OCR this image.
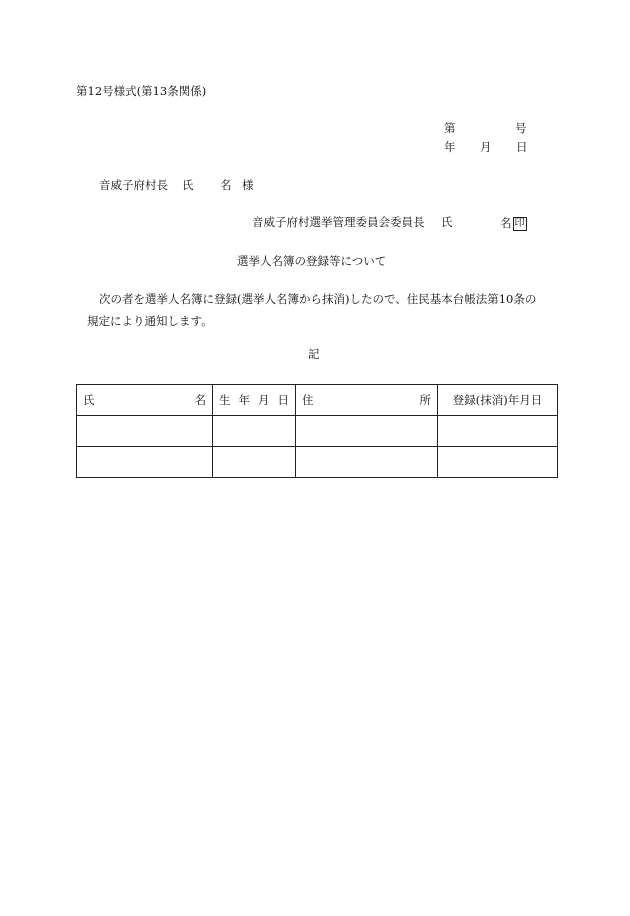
第12号様式(第13条関係)
第	号
年 月 日
音威子府村長 氏 名 様
音威子府村選挙管理委員会委員長 氏	名 印
選挙人名簿の登録等について
次の者を選挙人名簿に登録(選挙人名簿から抹消)したので、住民基本台帳法第10条の
規定により通知します。
記
氏 名	生 年 月 日	住 所	登録(抹消)年月日
